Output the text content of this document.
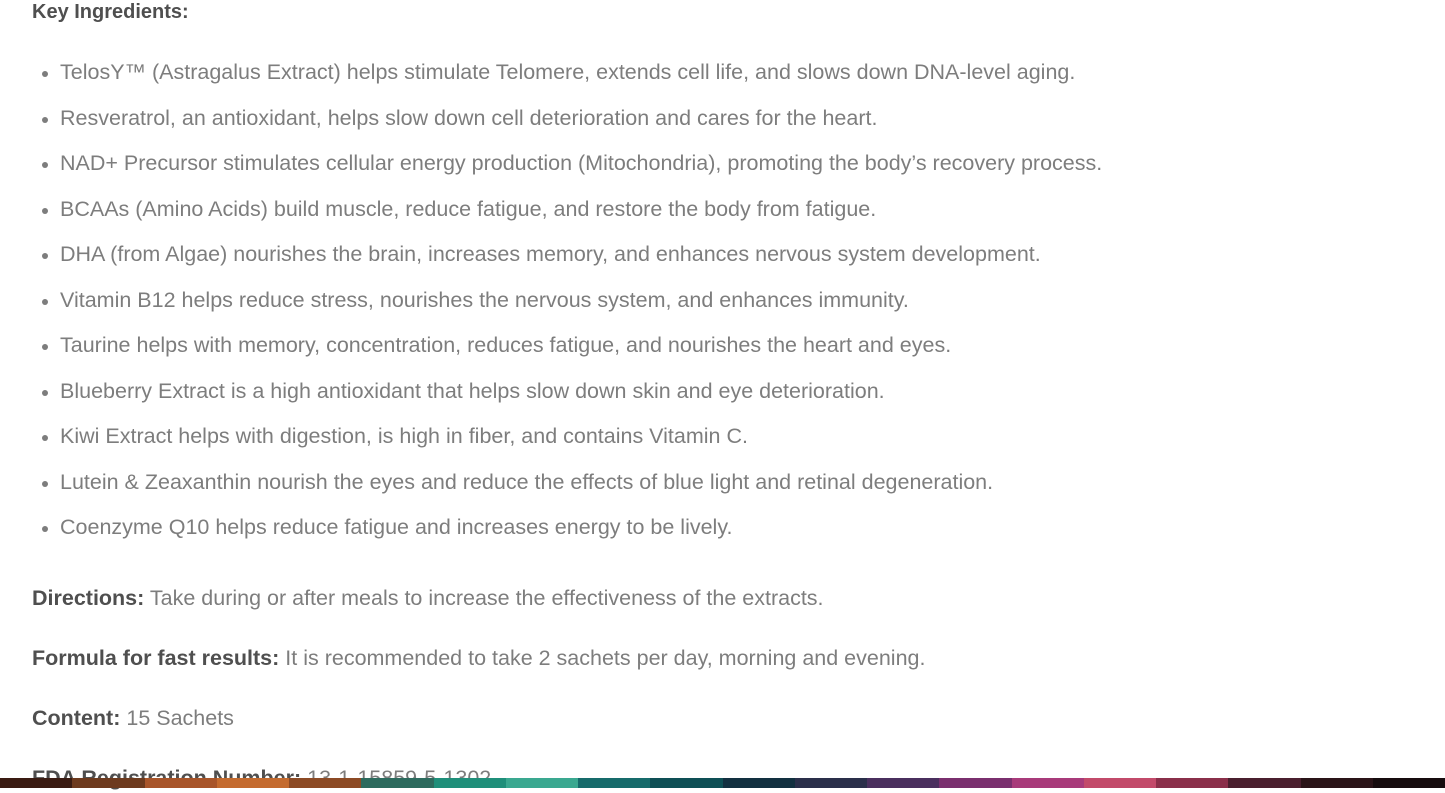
Key Ingredients:
TelosY™ (Astragalus Extract) helps stimulate Telomere, extends cell life, and slows down DNA-level aging.
Resveratrol, an antioxidant, helps slow down cell deterioration and cares for the heart.
NAD+ Precursor stimulates cellular energy production (Mitochondria), promoting the body’s recovery process.
BCAAs (Amino Acids) build muscle, reduce fatigue, and restore the body from fatigue.
DHA (from Algae) nourishes the brain, increases memory, and enhances nervous system development.
Vitamin B12 helps reduce stress, nourishes the nervous system, and enhances immunity.
Taurine helps with memory, concentration, reduces fatigue, and nourishes the heart and eyes.
Blueberry Extract is a high antioxidant that helps slow down skin and eye deterioration.
Kiwi Extract helps with digestion, is high in fiber, and contains Vitamin C.
Lutein & Zeaxanthin nourish the eyes and reduce the effects of blue light and retinal degeneration.
Coenzyme Q10 helps reduce fatigue and increases energy to be lively.

Directions: Take during or after meals to increase the effectiveness of the extracts.

Formula for fast results: It is recommended to take 2 sachets per day, morning and evening.

Content: 15 Sachets
